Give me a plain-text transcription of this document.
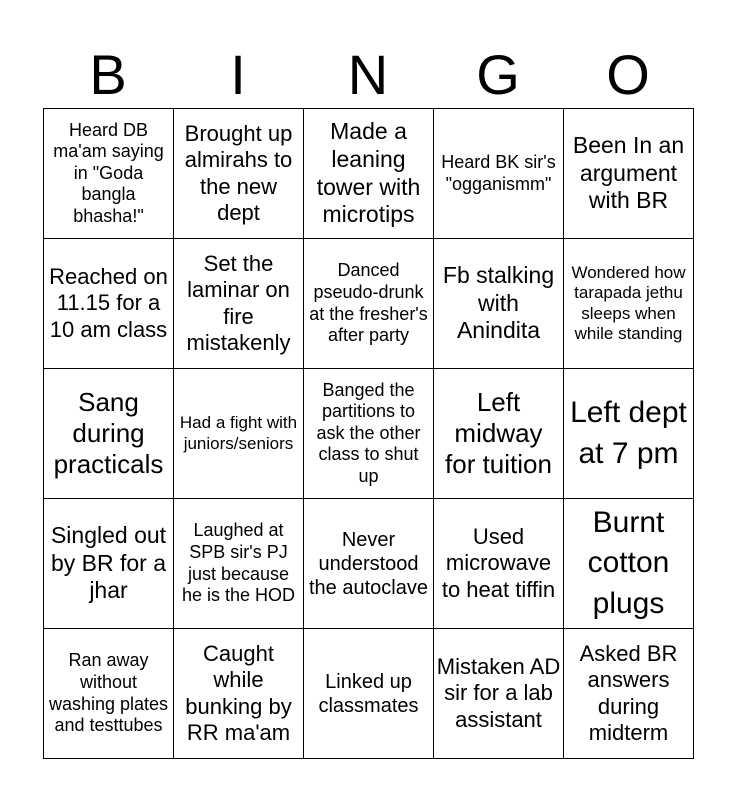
B	I	N	G	O
Heard DB ma'am saying in "Goda bangla bhasha!"	Brought up almirahs to the new dept	Made a leaning tower with microtips	Heard BK sir's "ogganismm"	Been In an argument with BR
Reached on 11.15 for a 10 am class	Set the laminar on fire mistakenly	Danced pseudo-drunk at the fresher's after party	Fb stalking with Anindita	Wondered how tarapada jethu sleeps when while standing
Sang during practicals	Had a fight with juniors/seniors	Banged the partitions to ask the other class to shut up	Left midway for tuition	Left dept at 7 pm
Singled out by BR for a jhar	Laughed at SPB sir's PJ just because he is the HOD	Never understood the autoclave	Used microwave to heat tiffin	Burnt cotton plugs
Ran away without washing plates and testtubes	Caught while bunking by RR ma'am	Linked up classmates	Mistaken AD sir for a lab assistant	Asked BR answers during midterm
